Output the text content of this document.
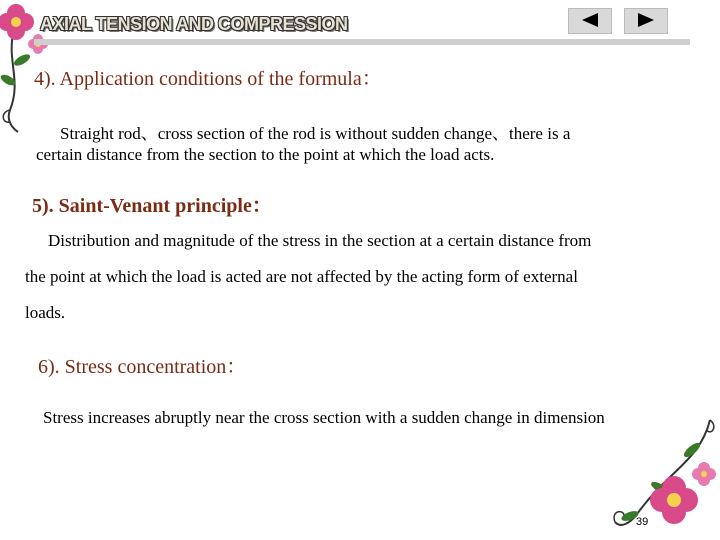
AXIAL TENSION AND COMPRESSION
4). Application conditions of the formula：
Straight rod、cross section of the rod is without sudden change、there is a
certain distance from the section to the point at which the load acts.
5). Saint-Venant principle：
Distribution and magnitude of the stress in the section at a certain distance from
the point at which the load is acted are not affected by the acting form of external
loads.
6). Stress concentration：
Stress increases abruptly near the cross section with a sudden change in dimension
39
